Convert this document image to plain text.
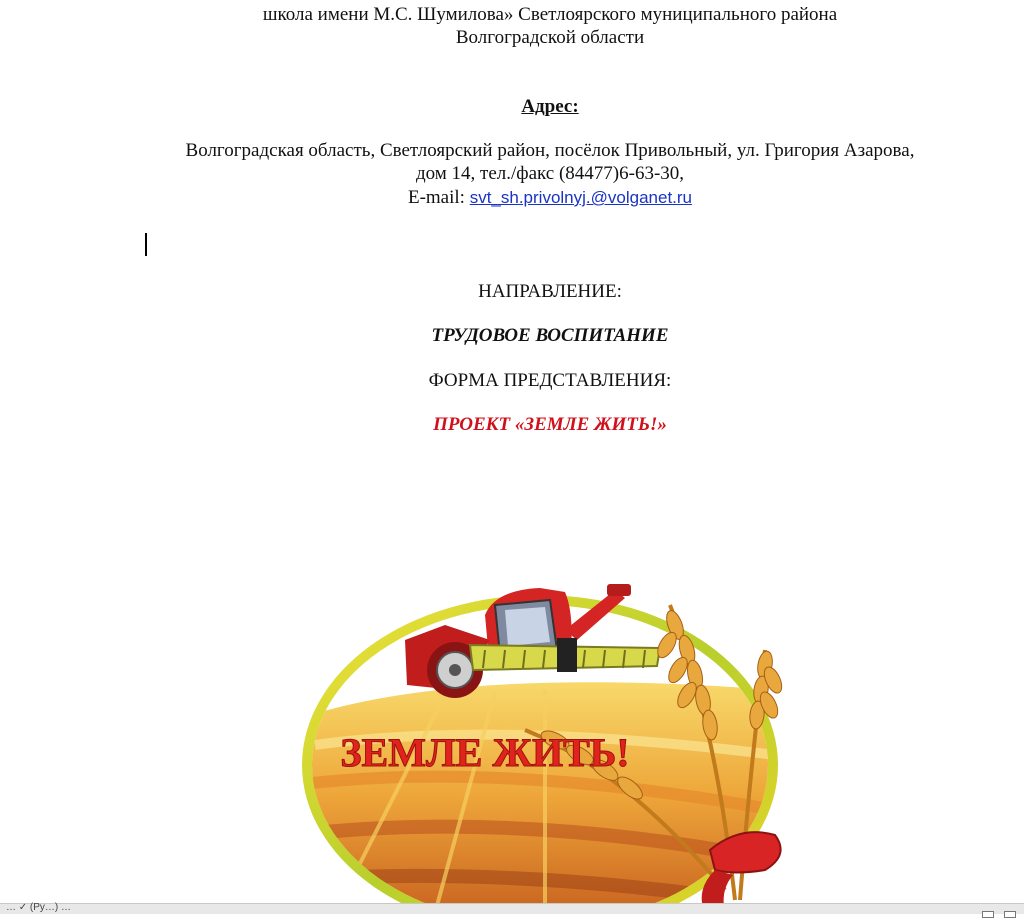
школа имени М.С. Шумилова» Светлоярского муниципального района
Волгоградской области
Адрес:
Волгоградская область, Светлоярский район, посёлок Привольный, ул. Григория Азарова,
дом 14, тел./факс (84477)6-63-30,
E-mail: svt_sh.privolnyj.@volganet.ru
НАПРАВЛЕНИЕ:
ТРУДОВОЕ ВОСПИТАНИЕ
ФОРМА ПРЕДСТАВЛЕНИЯ:
ПРОЕКТ «ЗЕМЛЕ ЖИТЬ!»
ЗЕМЛЕ ЖИТЬ!
… ✓ (Ру…) …
